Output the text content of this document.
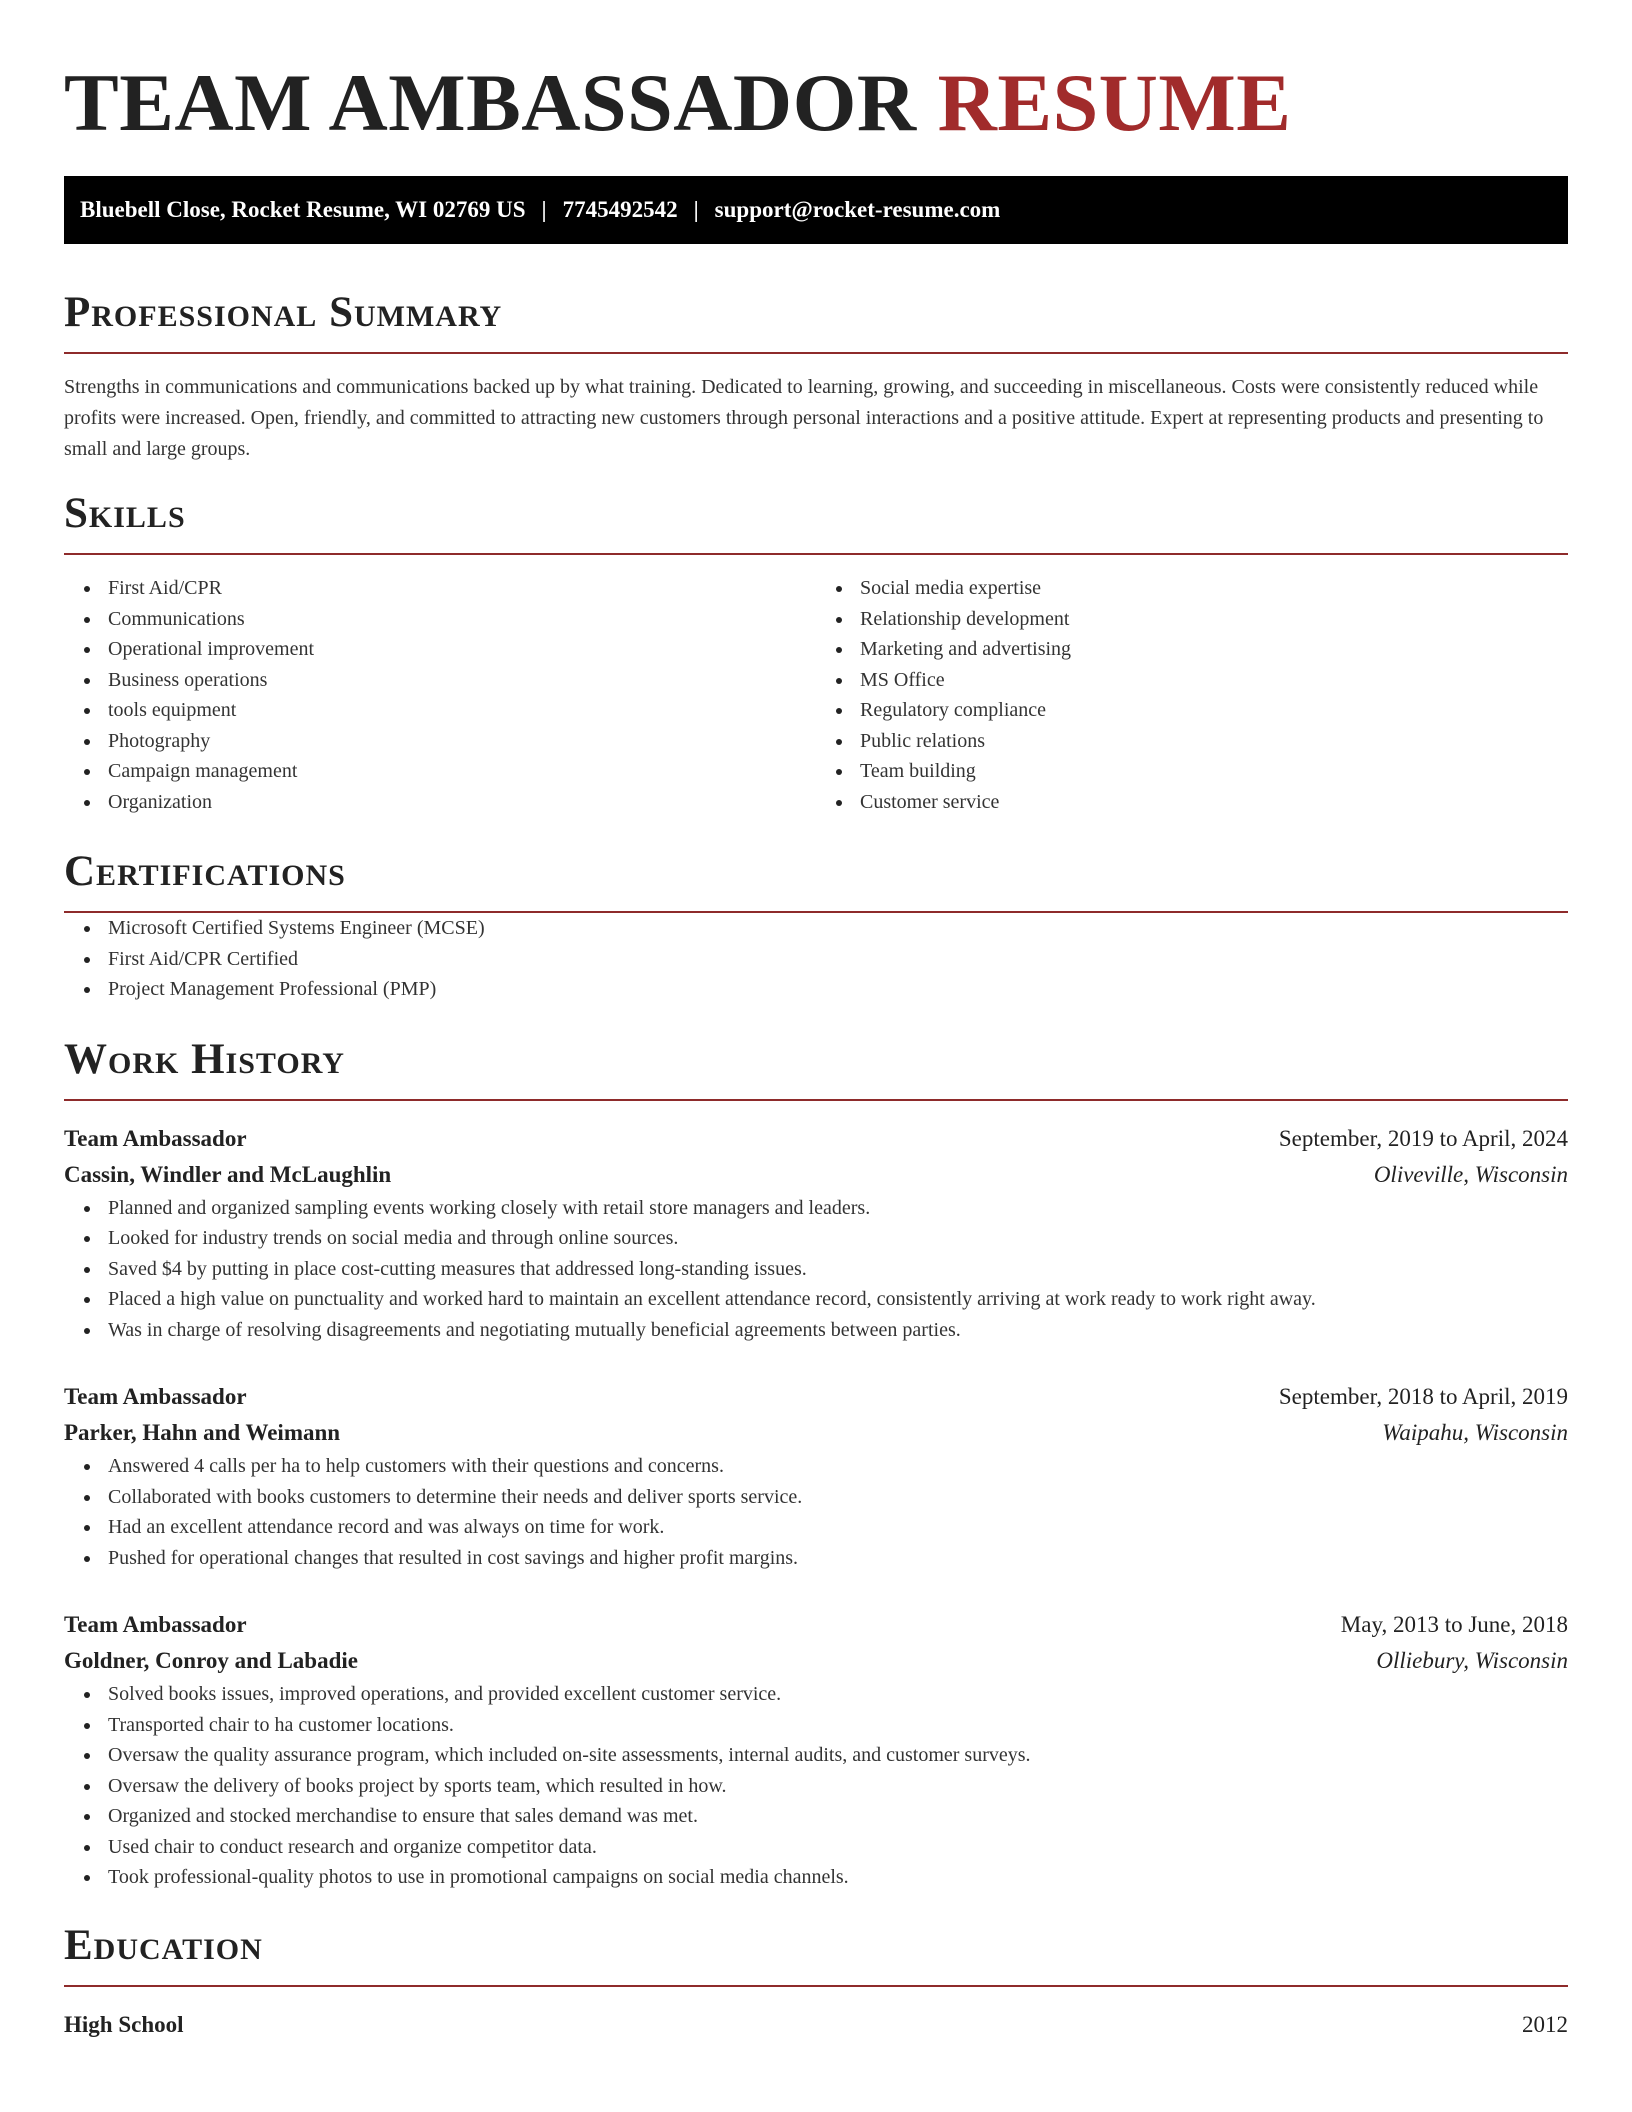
TEAM AMBASSADOR RESUME
Bluebell Close, Rocket Resume, WI 02769 US | 7745492542 | support@rocket-resume.com
Professional Summary

Strengths in communications and communications backed up by what training. Dedicated to learning, growing, and succeeding in miscellaneous. Costs were consistently reduced while profits were increased. Open, friendly, and committed to attracting new customers through personal interactions and a positive attitude. Expert at representing products and presenting to small and large groups.

Skills
First Aid/CPR
Communications
Operational improvement
Business operations
tools equipment
Photography
Campaign management
Organization
Social media expertise
Relationship development
Marketing and advertising
MS Office
Regulatory compliance
Public relations
Team building
Customer service
Certifications
Microsoft Certified Systems Engineer (MCSE)
First Aid/CPR Certified
Project Management Professional (PMP)
Work History
Team Ambassador	September, 2019 to April, 2024
Cassin, Windler and McLaughlin	Oliveville, Wisconsin
Planned and organized sampling events working closely with retail store managers and leaders.
Looked for industry trends on social media and through online sources.
Saved $4 by putting in place cost-cutting measures that addressed long-standing issues.
Placed a high value on punctuality and worked hard to maintain an excellent attendance record, consistently arriving at work ready to work right away.
Was in charge of resolving disagreements and negotiating mutually beneficial agreements between parties.
Team Ambassador	September, 2018 to April, 2019
Parker, Hahn and Weimann	Waipahu, Wisconsin
Answered 4 calls per ha to help customers with their questions and concerns.
Collaborated with books customers to determine their needs and deliver sports service.
Had an excellent attendance record and was always on time for work.
Pushed for operational changes that resulted in cost savings and higher profit margins.
Team Ambassador	May, 2013 to June, 2018
Goldner, Conroy and Labadie	Olliebury, Wisconsin
Solved books issues, improved operations, and provided excellent customer service.
Transported chair to ha customer locations.
Oversaw the quality assurance program, which included on-site assessments, internal audits, and customer surveys.
Oversaw the delivery of books project by sports team, which resulted in how.
Organized and stocked merchandise to ensure that sales demand was met.
Used chair to conduct research and organize competitor data.
Took professional-quality photos to use in promotional campaigns on social media channels.
Education
High School	2012
